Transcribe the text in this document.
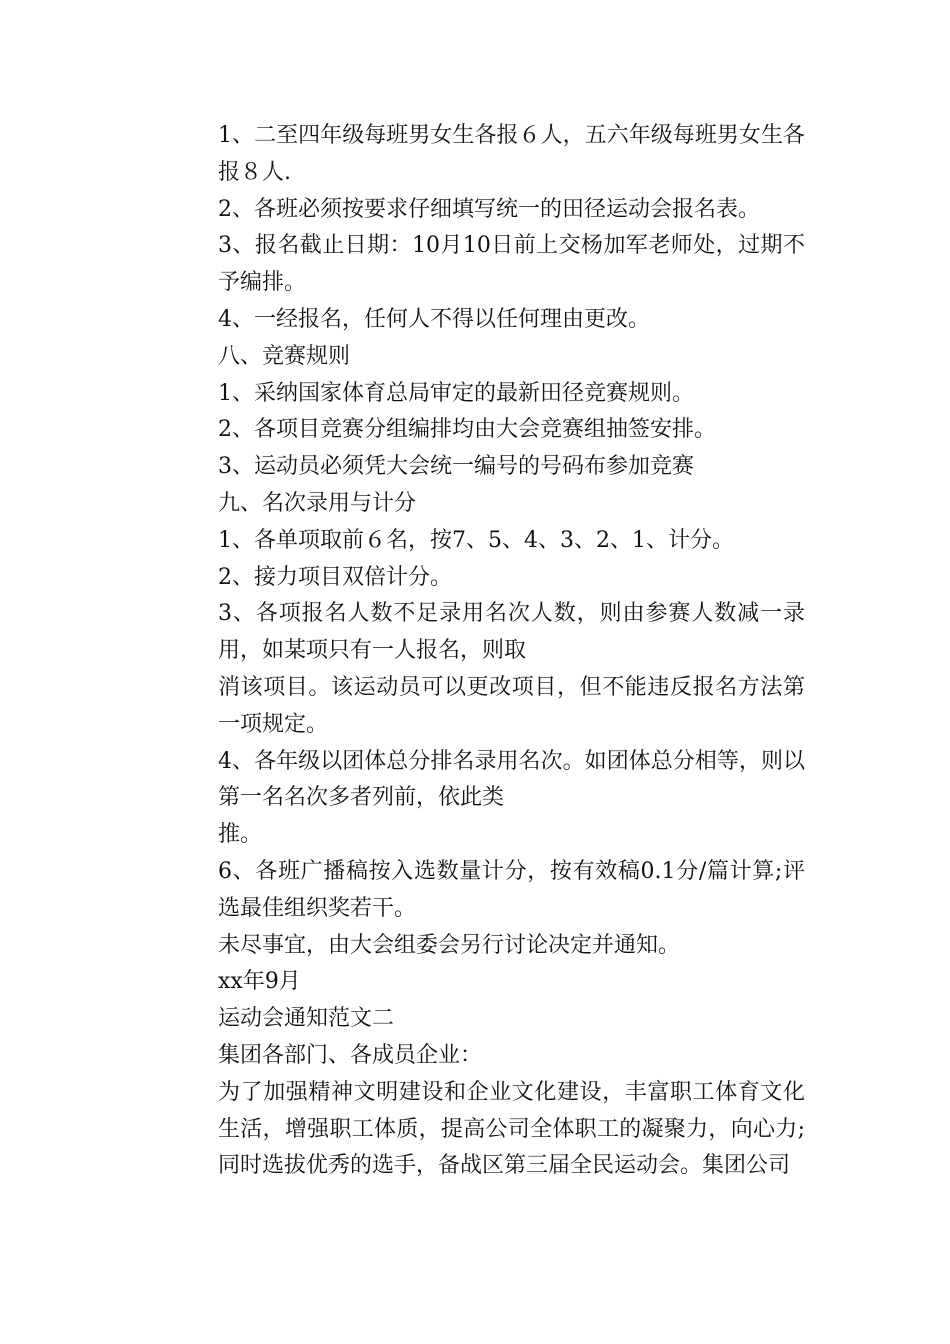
1、二至四年级每班男女生各报６人，五六年级每班男女生各报８人.

2、各班必须按要求仔细填写统一的田径运动会报名表。

3、报名截止日期：10月10日前上交杨加军老师处，过期不予编排。

4、一经报名，任何人不得以任何理由更改。

八、竞赛规则

1、采纳国家体育总局审定的最新田径竞赛规则。

2、各项目竞赛分组编排均由大会竞赛组抽签安排。

3、运动员必须凭大会统一编号的号码布参加竞赛

九、名次录用与计分

1、各单项取前６名，按7、5、4、3、2、1、计分。

2、接力项目双倍计分。

3、各项报名人数不足录用名次人数，则由参赛人数减一录用，如某项只有一人报名，则取

消该项目。该运动员可以更改项目，但不能违反报名方法第一项规定。

4、各年级以团体总分排名录用名次。如团体总分相等，则以第一名名次多者列前，依此类

推。

6、各班广播稿按入选数量计分，按有效稿0.1分/篇计算;评选最佳组织奖若干。

未尽事宜，由大会组委会另行讨论决定并通知。

xx年9月

运动会通知范文二

集团各部门、各成员企业：

为了加强精神文明建设和企业文化建设，丰富职工体育文化生活，增强职工体质，提高公司全体职工的凝聚力，向心力;同时选拔优秀的选手，备战区第三届全民运动会。集团公司
